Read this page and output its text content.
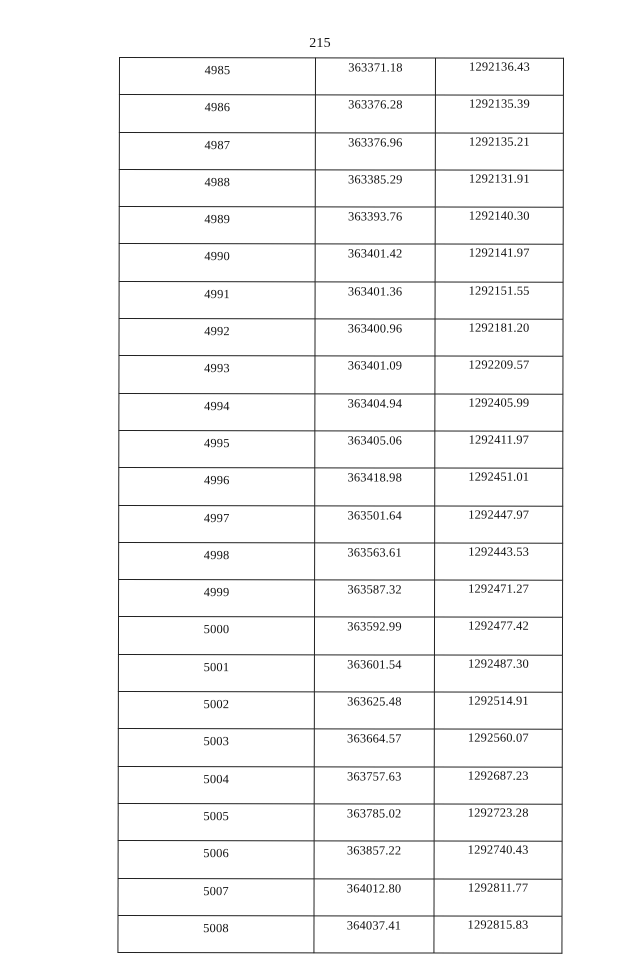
215
4985	363371.18	1292136.43
4986	363376.28	1292135.39
4987	363376.96	1292135.21
4988	363385.29	1292131.91
4989	363393.76	1292140.30
4990	363401.42	1292141.97
4991	363401.36	1292151.55
4992	363400.96	1292181.20
4993	363401.09	1292209.57
4994	363404.94	1292405.99
4995	363405.06	1292411.97
4996	363418.98	1292451.01
4997	363501.64	1292447.97
4998	363563.61	1292443.53
4999	363587.32	1292471.27
5000	363592.99	1292477.42
5001	363601.54	1292487.30
5002	363625.48	1292514.91
5003	363664.57	1292560.07
5004	363757.63	1292687.23
5005	363785.02	1292723.28
5006	363857.22	1292740.43
5007	364012.80	1292811.77
5008	364037.41	1292815.83
